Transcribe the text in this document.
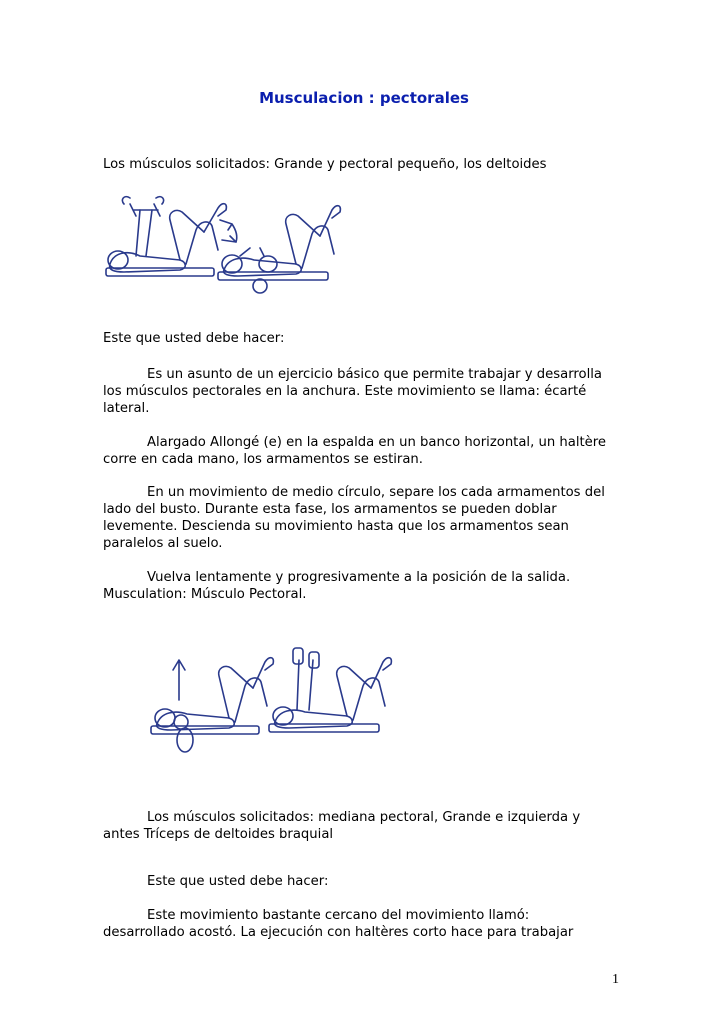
Musculacion : pectorales
Los músculos solicitados: Grande y pectoral pequeño, los deltoides
Este que usted debe hacer:
Es un asunto de un ejercicio básico que permite trabajar y desarrolla
los músculos pectorales en la anchura. Este movimiento se llama: écarté
lateral.
Alargado Allongé (e) en la espalda en un banco horizontal, un haltère
corre en cada mano, los armamentos se estiran.
En un movimiento de medio círculo, separe los cada armamentos del
lado del busto. Durante esta fase, los armamentos se pueden doblar
levemente. Descienda su movimiento hasta que los armamentos sean
paralelos al suelo.
Vuelva lentamente y progresivamente a la posición de la salida.
Musculation: Músculo Pectoral.
Los músculos solicitados: mediana pectoral, Grande e izquierda y
antes Tríceps de deltoides braquial
Este que usted debe hacer:
Este movimiento bastante cercano del movimiento llamó:
desarrollado acostó. La ejecución con haltères corto hace para trabajar
1
